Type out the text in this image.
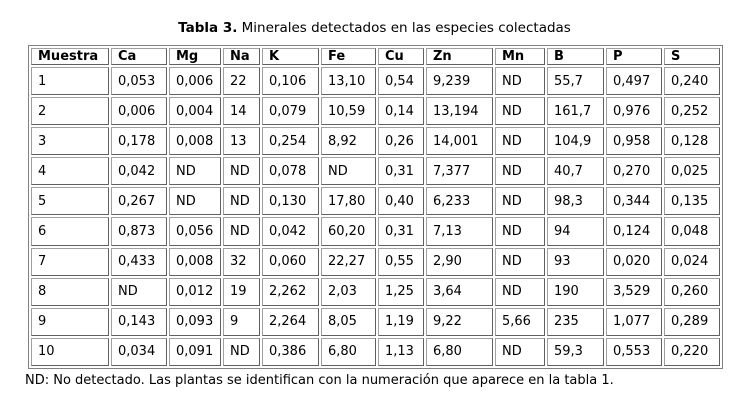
Tabla 3. Minerales detectados en las especies colectadas
Muestra	Ca	Mg	Na	K	Fe	Cu	Zn	Mn	B	P	S
1	0,053	0,006	22	0,106	13,10	0,54	9,239	ND	55,7	0,497	0,240
2	0,006	0,004	14	0,079	10,59	0,14	13,194	ND	161,7	0,976	0,252
3	0,178	0,008	13	0,254	8,92	0,26	14,001	ND	104,9	0,958	0,128
4	0,042	ND	ND	0,078	ND	0,31	7,377	ND	40,7	0,270	0,025
5	0,267	ND	ND	0,130	17,80	0,40	6,233	ND	98,3	0,344	0,135
6	0,873	0,056	ND	0,042	60,20	0,31	7,13	ND	94	0,124	0,048
7	0,433	0,008	32	0,060	22,27	0,55	2,90	ND	93	0,020	0,024
8	ND	0,012	19	2,262	2,03	1,25	3,64	ND	190	3,529	0,260
9	0,143	0,093	9	2,264	8,05	1,19	9,22	5,66	235	1,077	0,289
10	0,034	0,091	ND	0,386	6,80	1,13	6,80	ND	59,3	0,553	0,220
ND: No detectado. Las plantas se identifican con la numeración que aparece en la tabla 1.
